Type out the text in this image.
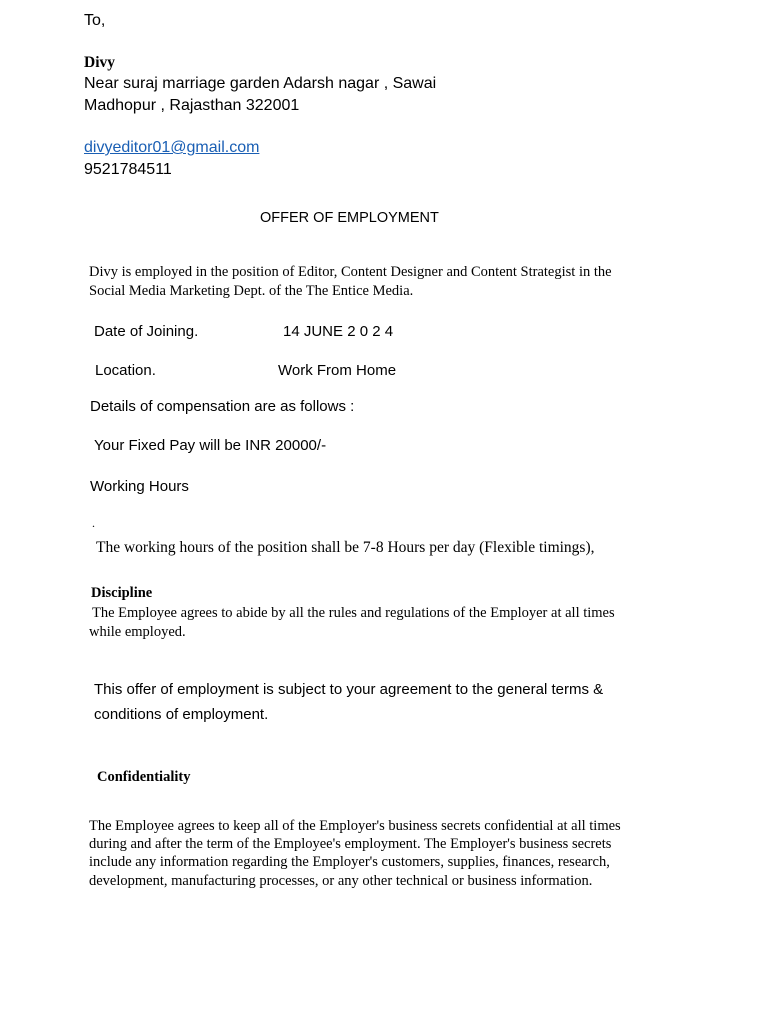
To,
Divy
Near suraj marriage garden Adarsh nagar , Sawai
Madhopur , Rajasthan 322001
divyeditor01@gmail.com
9521784511
OFFER OF EMPLOYMENT
Divy is employed in the position of Editor, Content Designer and Content Strategist in the
Social Media Marketing Dept. of the The Entice Media.
Date of Joining.	14 JUNE 2 0 2 4
Location.	Work From Home
Details of compensation are as follows :
Your Fixed Pay will be INR 20000/-
Working Hours
.
The working hours of the position shall be 7-8 Hours per day (Flexible timings),
Discipline
The Employee agrees to abide by all the rules and regulations of the Employer at all times
while employed.
This offer of employment is subject to your agreement to the general terms &
conditions of employment.
Confidentiality
The Employee agrees to keep all of the Employer's business secrets confidential at all times
during and after the term of the Employee's employment. The Employer's business secrets
include any information regarding the Employer's customers, supplies, finances, research,
development, manufacturing processes, or any other technical or business information.
